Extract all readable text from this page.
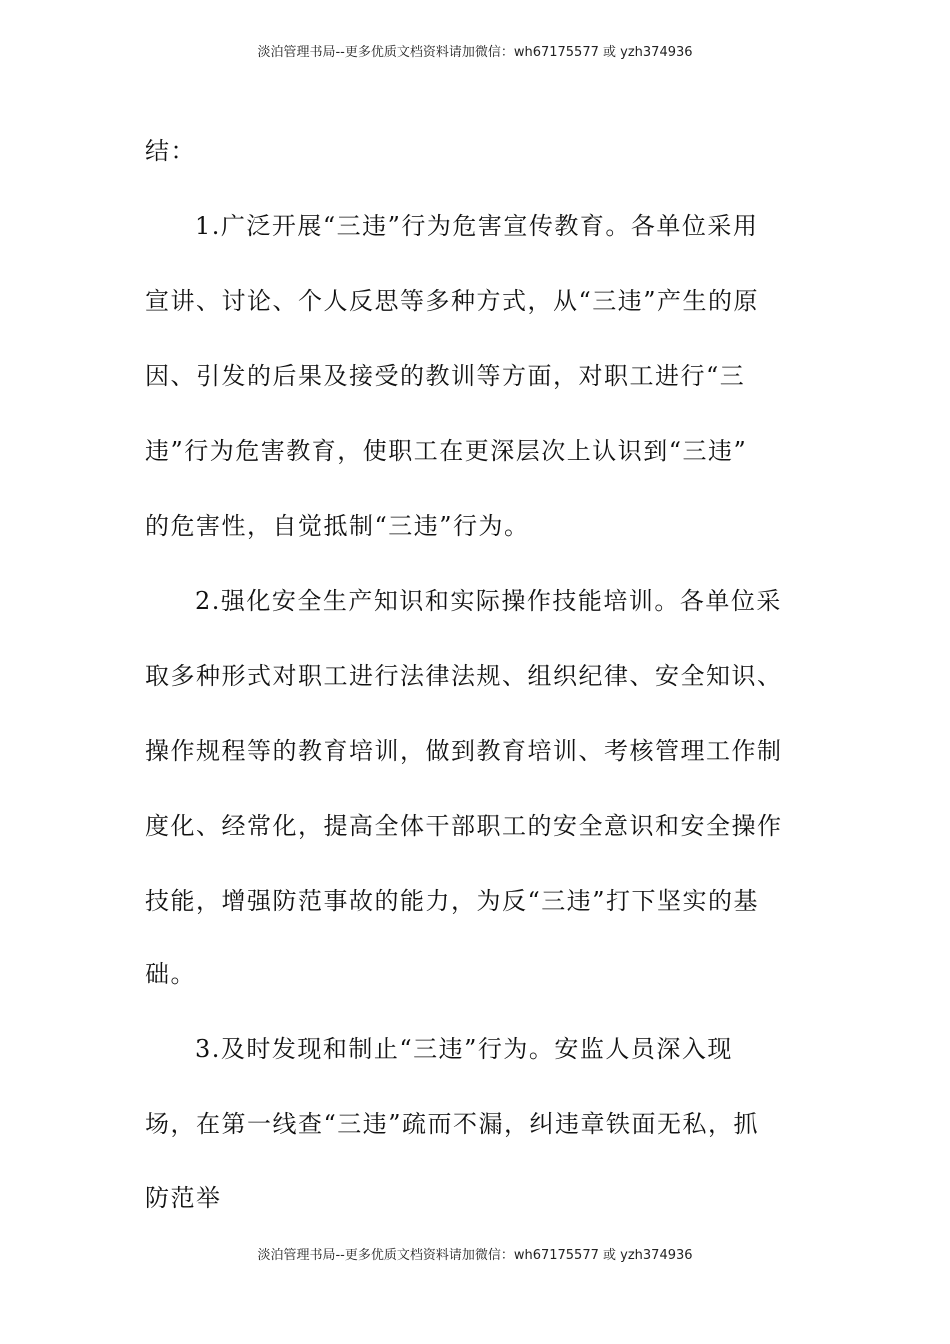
淡泊管理书局--更多优质文档资料请加微信：wh67175577 或 yzh374936
结：
1.广泛开展“三违”行为危害宣传教育。各单位采用
宣讲、讨论、个人反思等多种方式，从“三违”产生的原
因、引发的后果及接受的教训等方面，对职工进行“三
违”行为危害教育，使职工在更深层次上认识到“三违”
的危害性，自觉抵制“三违”行为。
2.强化安全生产知识和实际操作技能培训。各单位采
取多种形式对职工进行法律法规、组织纪律、安全知识、
操作规程等的教育培训，做到教育培训、考核管理工作制
度化、经常化，提高全体干部职工的安全意识和安全操作
技能，增强防范事故的能力，为反“三违”打下坚实的基
础。
3.及时发现和制止“三违”行为。安监人员深入现
场，在第一线查“三违”疏而不漏，纠违章铁面无私，抓
防范举
淡泊管理书局--更多优质文档资料请加微信：wh67175577 或 yzh374936
